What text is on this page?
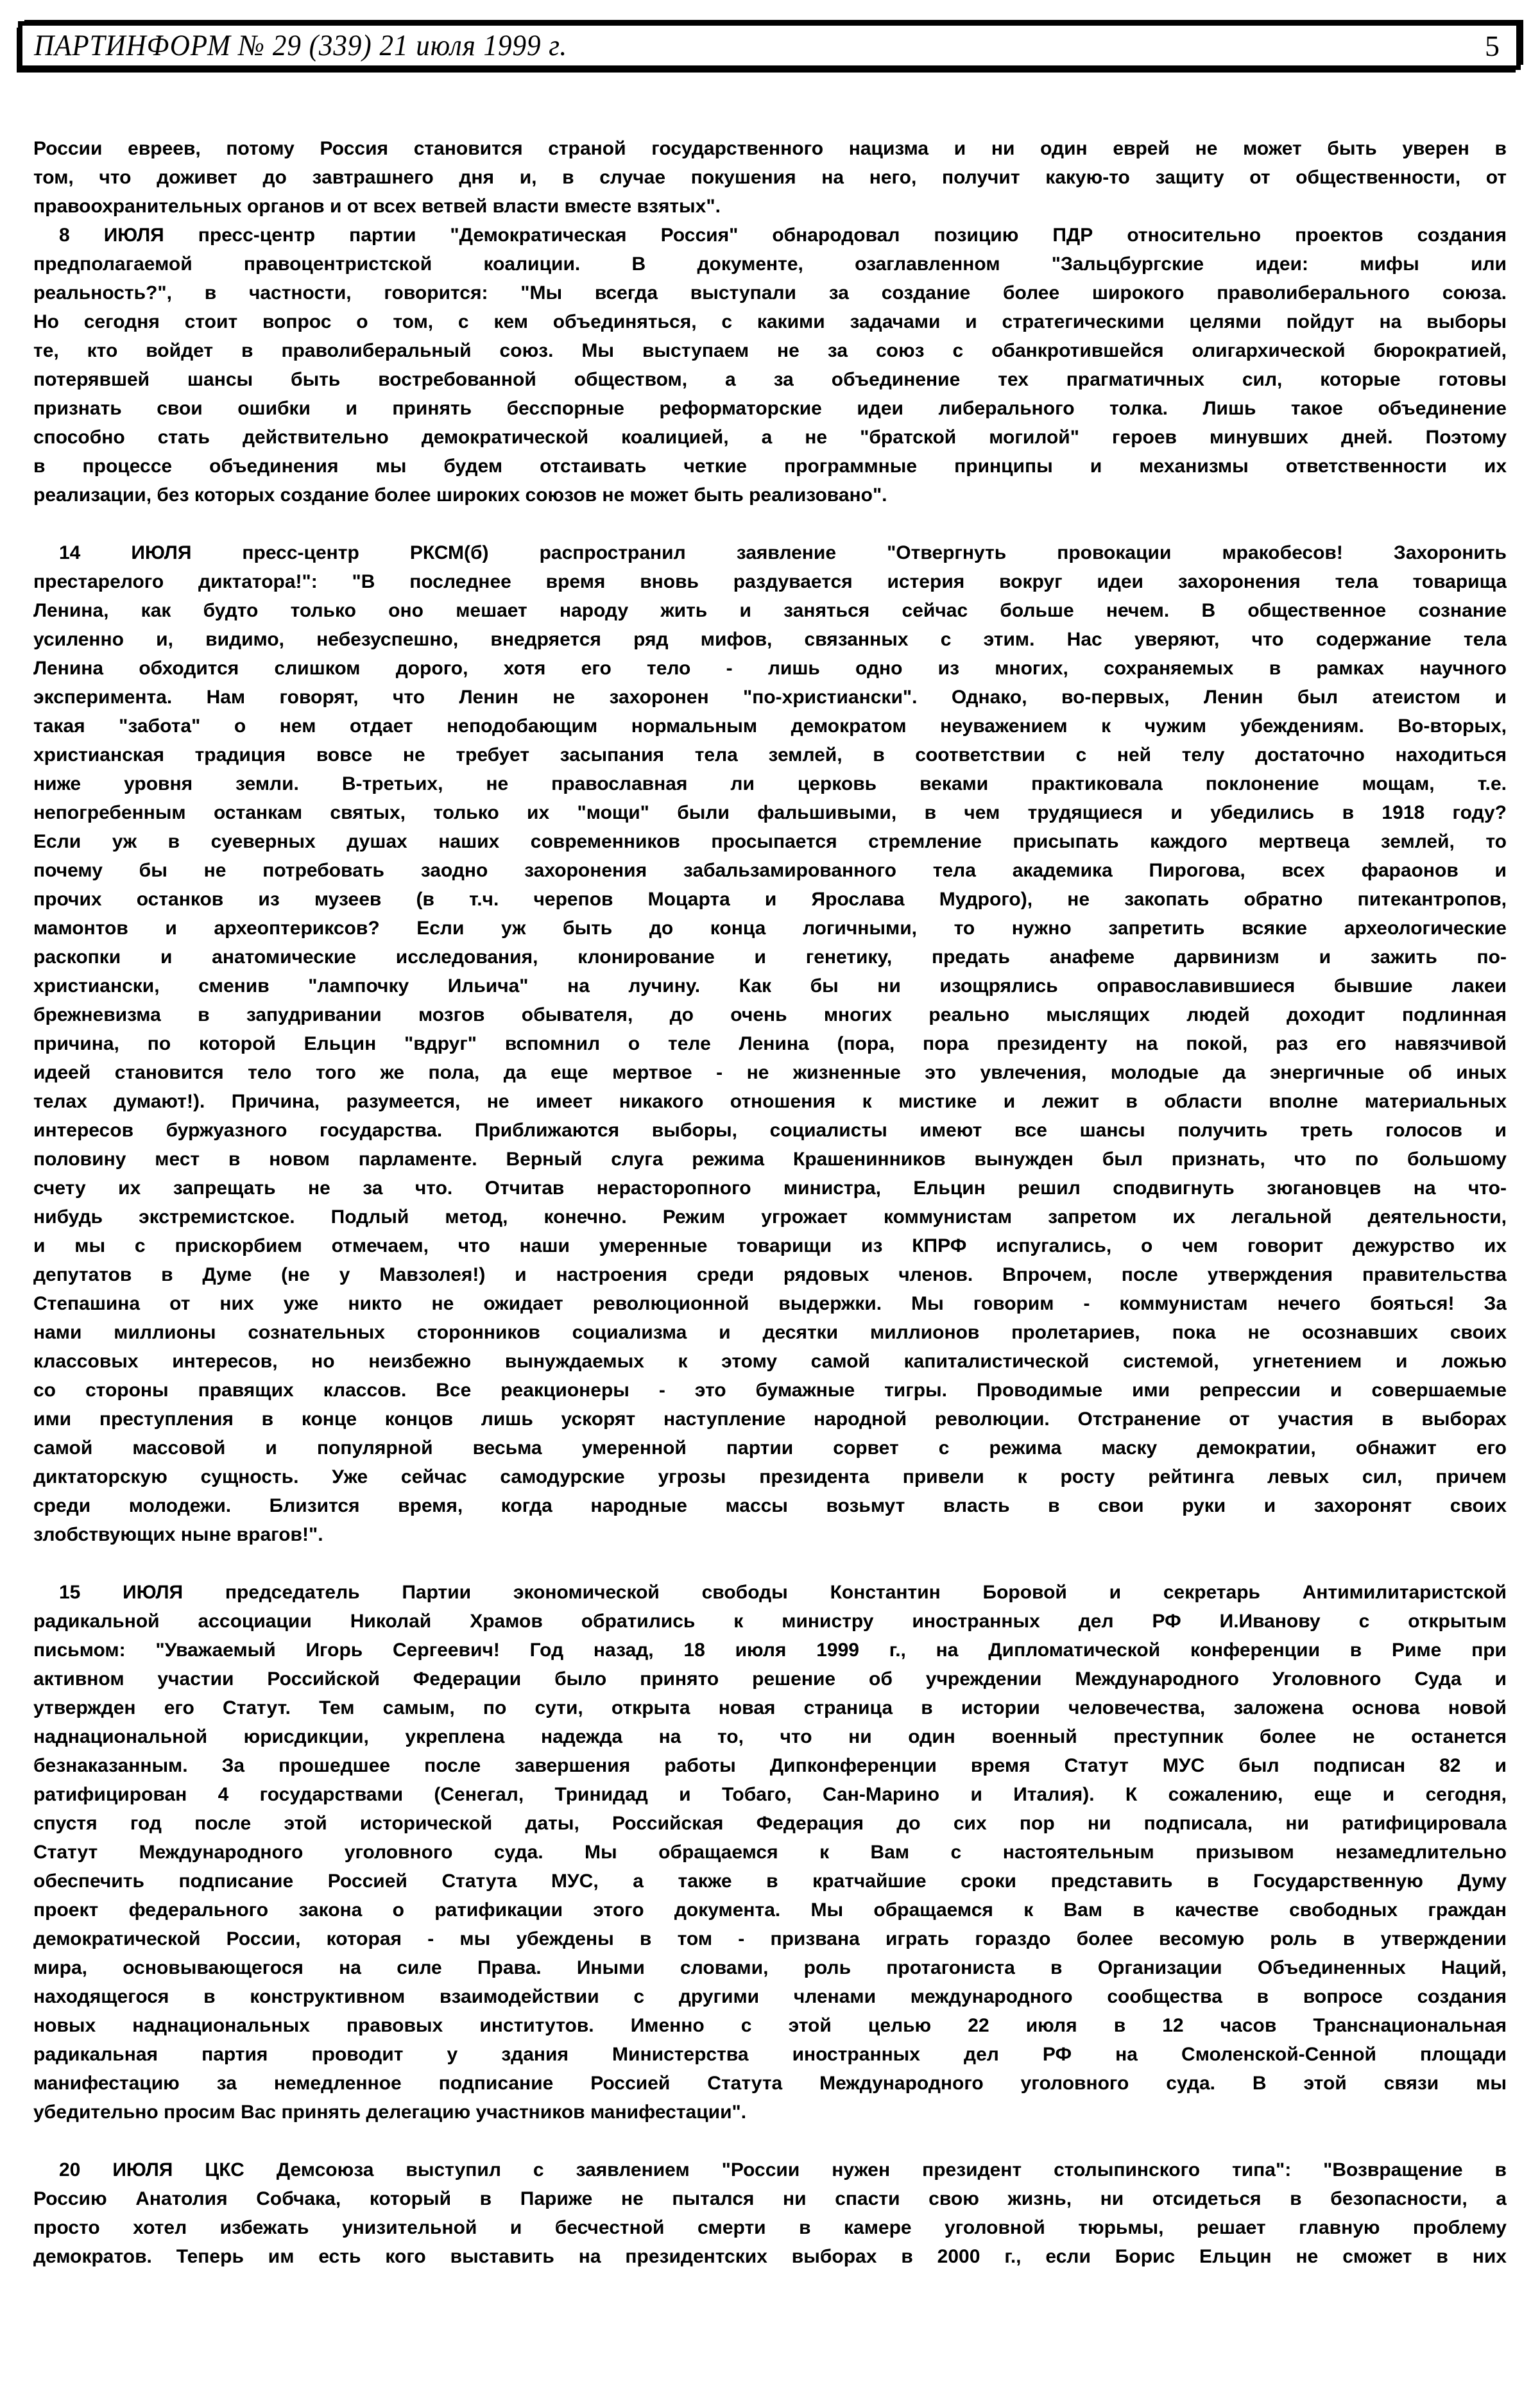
ПАРТИНФОРМ № 29 (339) 21 июля 1999 г.	5
России евреев, потому Россия становится страной государственного нацизма и ни один еврей не может быть уверен в
том, что доживет до завтрашнего дня и, в случае покушения на него, получит какую-то защиту от общественности, от
правоохранительных органов и от всех ветвей власти вместе взятых".
8 ИЮЛЯ пресс-центр партии "Демократическая Россия" обнародовал позицию ПДР относительно проектов создания
предполагаемой правоцентристской коалиции. В документе, озаглавленном "Зальцбургские идеи: мифы или
реальность?", в частности, говорится: "Мы всегда выступали за создание более широкого праволиберального союза.
Но сегодня стоит вопрос о том, с кем объединяться, с какими задачами и стратегическими целями пойдут на выборы
те, кто войдет в праволиберальный союз. Мы выступаем не за союз с обанкротившейся олигархической бюрократией,
потерявшей шансы быть востребованной обществом, а за объединение тех прагматичных сил, которые готовы
признать свои ошибки и принять бесспорные реформаторские идеи либерального толка. Лишь такое объединение
способно стать действительно демократической коалицией, а не "братской могилой" героев минувших дней. Поэтому
в процессе объединения мы будем отстаивать четкие программные принципы и механизмы ответственности их
реализации, без которых создание более широких союзов не может быть реализовано".
14 ИЮЛЯ пресс-центр РКСМ(б) распространил заявление "Отвергнуть провокации мракобесов! Захоронить
престарелого диктатора!": "В последнее время вновь раздувается истерия вокруг идеи захоронения тела товарища
Ленина, как будто только оно мешает народу жить и заняться сейчас больше нечем. В общественное сознание
усиленно и, видимо, небезуспешно, внедряется ряд мифов, связанных с этим. Нас уверяют, что содержание тела
Ленина обходится слишком дорого, хотя его тело - лишь одно из многих, сохраняемых в рамках научного
эксперимента. Нам говорят, что Ленин не захоронен "по-христиански". Однако, во-первых, Ленин был атеистом и
такая "забота" о нем отдает неподобающим нормальным демократом неуважением к чужим убеждениям. Во-вторых,
христианская традиция вовсе не требует засыпания тела землей, в соответствии с ней телу достаточно находиться
ниже уровня земли. В-третьих, не православная ли церковь веками практиковала поклонение мощам, т.е.
непогребенным останкам святых, только их "мощи" были фальшивыми, в чем трудящиеся и убедились в 1918 году?
Если уж в суеверных душах наших современников просыпается стремление присыпать каждого мертвеца землей, то
почему бы не потребовать заодно захоронения забальзамированного тела академика Пирогова, всех фараонов и
прочих останков из музеев (в т.ч. черепов Моцарта и Ярослава Мудрого), не закопать обратно питекантропов,
мамонтов и археоптериксов? Если уж быть до конца логичными, то нужно запретить всякие археологические
раскопки и анатомические исследования, клонирование и генетику, предать анафеме дарвинизм и зажить по-
христиански, сменив "лампочку Ильича" на лучину. Как бы ни изощрялись оправославившиеся бывшие лакеи
брежневизма в запудривании мозгов обывателя, до очень многих реально мыслящих людей доходит подлинная
причина, по которой Ельцин "вдруг" вспомнил о теле Ленина (пора, пора президенту на покой, раз его навязчивой
идеей становится тело того же пола, да еще мертвое - не жизненные это увлечения, молодые да энергичные об иных
телах думают!). Причина, разумеется, не имеет никакого отношения к мистике и лежит в области вполне материальных
интересов буржуазного государства. Приближаются выборы, социалисты имеют все шансы получить треть голосов и
половину мест в новом парламенте. Верный слуга режима Крашенинников вынужден был признать, что по большому
счету их запрещать не за что. Отчитав нерасторопного министра, Ельцин решил сподвигнуть зюгановцев на что-
нибудь экстремистское. Подлый метод, конечно. Режим угрожает коммунистам запретом их легальной деятельности,
и мы с прискорбием отмечаем, что наши умеренные товарищи из КПРФ испугались, о чем говорит дежурство их
депутатов в Думе (не у Мавзолея!) и настроения среди рядовых членов. Впрочем, после утверждения правительства
Степашина от них уже никто не ожидает революционной выдержки. Мы говорим - коммунистам нечего бояться! За
нами миллионы сознательных сторонников социализма и десятки миллионов пролетариев, пока не осознавших своих
классовых интересов, но неизбежно вынуждаемых к этому самой капиталистической системой, угнетением и ложью
со стороны правящих классов. Все реакционеры - это бумажные тигры. Проводимые ими репрессии и совершаемые
ими преступления в конце концов лишь ускорят наступление народной революции. Отстранение от участия в выборах
самой массовой и популярной весьма умеренной партии сорвет с режима маску демократии, обнажит его
диктаторскую сущность. Уже сейчас самодурские угрозы президента привели к росту рейтинга левых сил, причем
среди молодежи. Близится время, когда народные массы возьмут власть в свои руки и захоронят своих
злобствующих ныне врагов!".
15 ИЮЛЯ председатель Партии экономической свободы Константин Боровой и секретарь Антимилитаристской
радикальной ассоциации Николай Храмов обратились к министру иностранных дел РФ И.Иванову с открытым
письмом: "Уважаемый Игорь Сергеевич! Год назад, 18 июля 1999 г., на Дипломатической конференции в Риме при
активном участии Российской Федерации было принято решение об учреждении Международного Уголовного Суда и
утвержден его Статут. Тем самым, по сути, открыта новая страница в истории человечества, заложена основа новой
наднациональной юрисдикции, укреплена надежда на то, что ни один военный преступник более не останется
безнаказанным. За прошедшее после завершения работы Дипконференции время Статут МУС был подписан 82 и
ратифицирован 4 государствами (Сенегал, Тринидад и Тобаго, Сан-Марино и Италия). К сожалению, еще и сегодня,
спустя год после этой исторической даты, Российская Федерация до сих пор ни подписала, ни ратифицировала
Статут Международного уголовного суда. Мы обращаемся к Вам с настоятельным призывом незамедлительно
обеспечить подписание Россией Статута МУС, а также в кратчайшие сроки представить в Государственную Думу
проект федерального закона о ратификации этого документа. Мы обращаемся к Вам в качестве свободных граждан
демократической России, которая - мы убеждены в том - призвана играть гораздо более весомую роль в утверждении
мира, основывающегося на силе Права. Иными словами, роль протагониста в Организации Объединенных Наций,
находящегося в конструктивном взаимодействии с другими членами международного сообщества в вопросе создания
новых наднациональных правовых институтов. Именно с этой целью 22 июля в 12 часов Транснациональная
радикальная партия проводит у здания Министерства иностранных дел РФ на Смоленской-Сенной площади
манифестацию за немедленное подписание Россией Статута Международного уголовного суда. В этой связи мы
убедительно просим Вас принять делегацию участников манифестации".
20 ИЮЛЯ ЦКС Демсоюза выступил с заявлением "России нужен президент столыпинского типа": "Возвращение в
Россию Анатолия Собчака, который в Париже не пытался ни спасти свою жизнь, ни отсидеться в безопасности, а
просто хотел избежать унизительной и бесчестной смерти в камере уголовной тюрьмы, решает главную проблему
демократов. Теперь им есть кого выставить на президентских выборах в 2000 г., если Борис Ельцин не сможет в них
